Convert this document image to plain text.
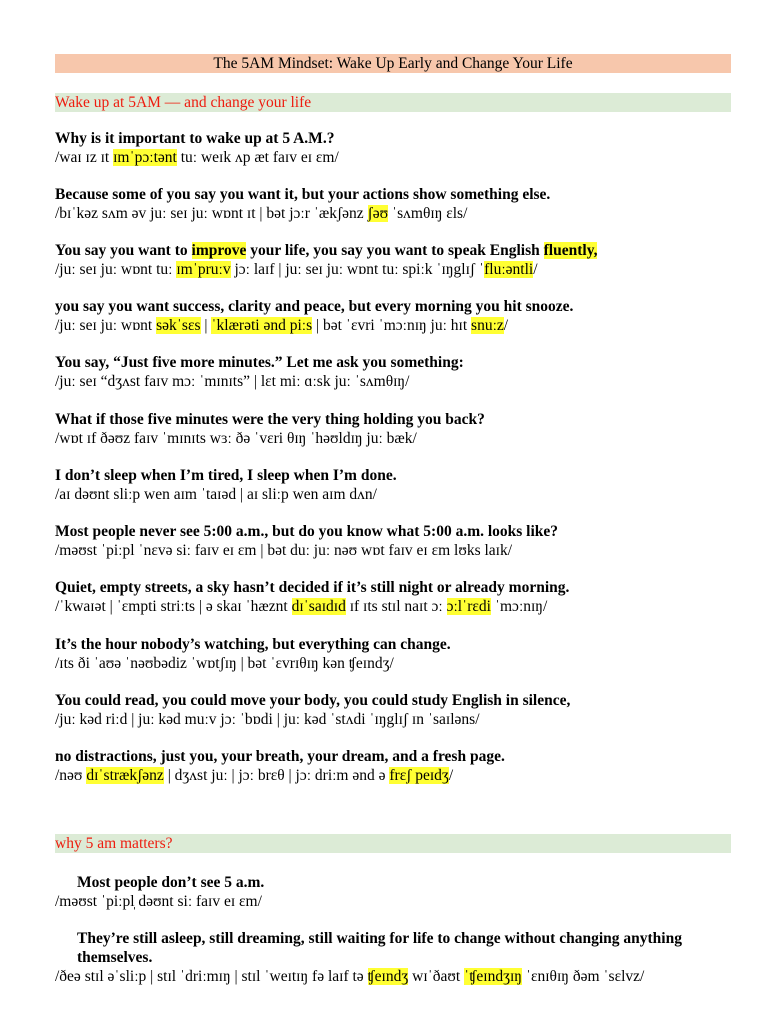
The 5AM Mindset: Wake Up Early and Change Your Life
Wake up at 5AM — and change your life
Why is it important to wake up at 5 A.M.?
/waɪ ɪz ɪt ɪmˈpɔːtənt tuː weɪk ʌp æt faɪv eɪ ɛm/
Because some of you say you want it, but your actions show something else.
/bɪˈkəz sʌm əv juː seɪ juː wɒnt ɪt | bət jɔːr ˈækʃənz ʃəʊ ˈsʌmθɪŋ ɛls/
You say you want to improve your life, you say you want to speak English fluently,
/juː seɪ juː wɒnt tuː ɪmˈpruːv jɔː laɪf | juː seɪ juː wɒnt tuː spiːk ˈɪŋglɪʃ ˈfluːəntli/
you say you want success, clarity and peace, but every morning you hit snooze.
/juː seɪ juː wɒnt səkˈsɛs | ˈklærəti ənd piːs | bət ˈɛvri ˈmɔːnɪŋ juː hɪt snuːz/
You say, “Just five more minutes.” Let me ask you something:
/juː seɪ “dʒʌst faɪv mɔː ˈmɪnɪts” | lɛt miː ɑːsk juː ˈsʌmθɪŋ/
What if those five minutes were the very thing holding you back?
/wɒt ɪf ðəʊz faɪv ˈmɪnɪts wɜː ðə ˈvɛri θɪŋ ˈhəʊldɪŋ juː bæk/
I don’t sleep when I’m tired, I sleep when I’m done.
/aɪ dəʊnt sliːp wen aɪm ˈtaɪəd | aɪ sliːp wen aɪm dʌn/
Most people never see 5:00 a.m., but do you know what 5:00 a.m. looks like?
/məʊst ˈpiːpl ˈnɛvə siː faɪv eɪ ɛm | bət duː juː nəʊ wɒt faɪv eɪ ɛm lʊks laɪk/
Quiet, empty streets, a sky hasn’t decided if it’s still night or already morning.
/ˈkwaɪət | ˈɛmpti striːts | ə skaɪ ˈhæznt dɪˈsaɪdɪd ɪf ɪts stɪl naɪt ɔː ɔːlˈrɛdi ˈmɔːnɪŋ/
It’s the hour nobody’s watching, but everything can change.
/ɪts ði ˈaʊə ˈnəʊbədiz ˈwɒtʃɪŋ | bət ˈɛvrɪθɪŋ kən ʧeɪndʒ/
You could read, you could move your body, you could study English in silence,
/juː kəd riːd | juː kəd muːv jɔː ˈbɒdi | juː kəd ˈstʌdi ˈɪŋglɪʃ ɪn ˈsaɪləns/
no distractions, just you, your breath, your dream, and a fresh page.
/nəʊ dɪˈstrækʃənz | dʒʌst juː | jɔː brɛθ | jɔː driːm ənd ə frɛʃ peɪdʒ/
why 5 am matters?
Most people don’t see 5 a.m.
/məʊst ˈpiːpl̩ dəʊnt siː faɪv eɪ ɛm/
They’re still asleep, still dreaming, still waiting for life to change without changing anything themselves.
/ðeə stɪl əˈsliːp | stɪl ˈdriːmɪŋ | stɪl ˈweɪtɪŋ fə laɪf tə ʧeɪndʒ wɪˈðaʊt ˈʧeɪndʒɪŋ ˈɛnɪθɪŋ ðəm ˈsɛlvz/
